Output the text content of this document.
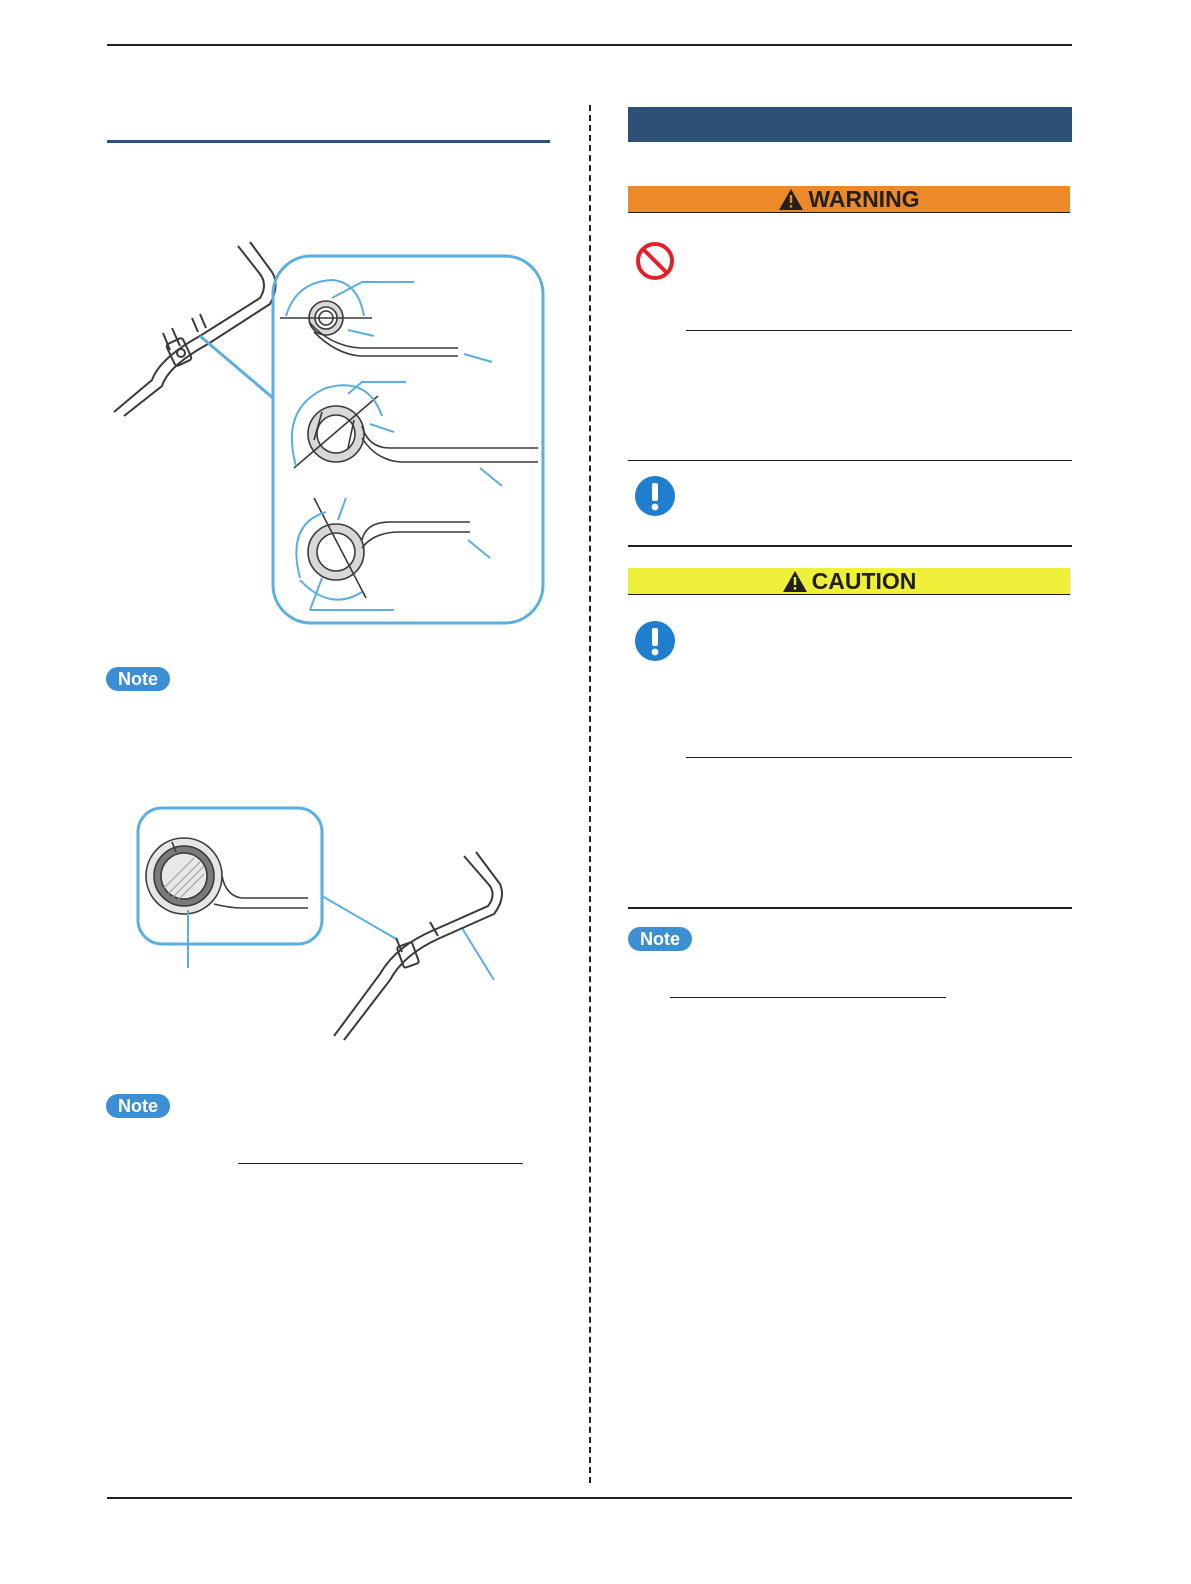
Note
Note
WARNING
CAUTION
Note
